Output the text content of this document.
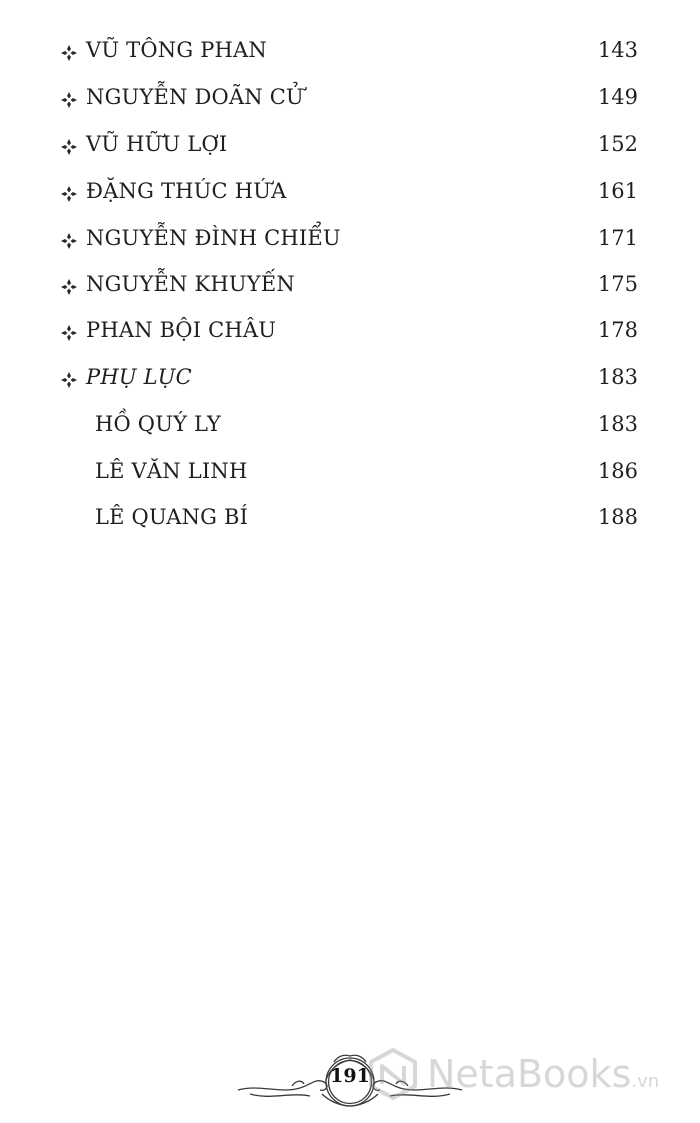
VŨ TÔNG PHAN	143
NGUYỄN DOÃN CỬ	149
VŨ HỮU LỢI	152
ĐẶNG THÚC HỨA	161
NGUYỄN ĐÌNH CHIỂU	171
NGUYỄN KHUYẾN	175
PHAN BỘI CHÂU	178
PHỤ LỤC	183
HỒ QUÝ LY	183
LÊ VĂN LINH	186
LÊ QUANG BÍ	188
191 NetaBooks.vn
